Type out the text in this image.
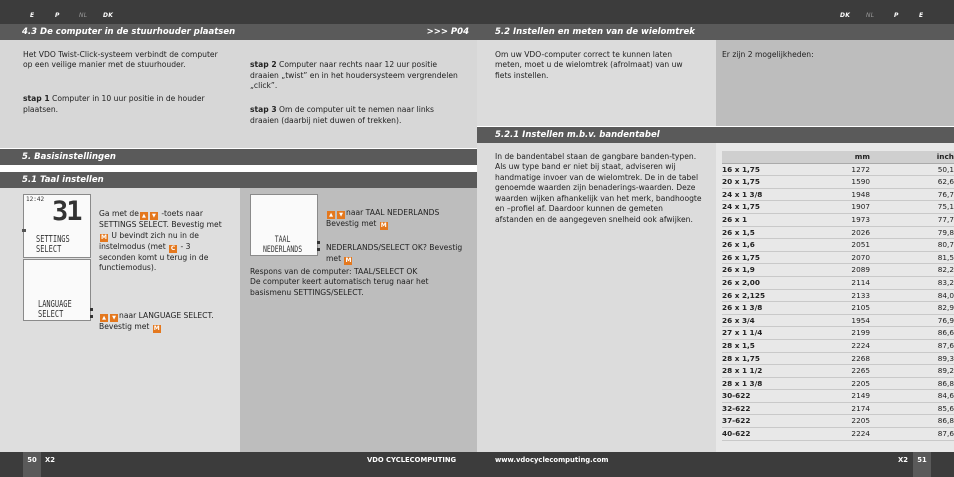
E	P	NL	DK	DK	NL	P	E
4.3 De computer in de stuurhouder plaatsen	>>> P04
Het VDO Twist-Click-systeem verbindt de computer op een veilige manier met de stuurhouder.

stap 1 Computer in 10 uur positie in de houder plaatsen.

stap 2 Computer naar rechts naar 12 uur positie draaien „twist” en in het houdersysteem vergrendelen „click”.

stap 3 Om de computer uit te nemen naar links draaien (daarbij niet duwen of trekken).

5. Basisinstellingen
5.1 Taal instellen
12:42 31
SETTINGS
SELECT
LANGUAGE
SELECT
TAAL
NEDERLANDS

Ga met de ▲ ▼ -toets naar SETTINGS SELECT. Bevestig met M U bevindt zich nu in de instelmodus (met C - 3 seconden komt u terug in de functiemodus).

▲ ▼ naar LANGUAGE SELECT. Bevestig met M

▲ ▼ naar TAAL NEDERLANDS Bevestig met M

NEDERLANDS/SELECT OK? Bevestig met M

Respons van de computer: TAAL/SELECT OK
De computer keert automatisch terug naar het basismenu SETTINGS/SELECT.
5.2 Instellen en meten van de wielomtrek
Om uw VDO-computer correct te kunnen laten meten, moet u de wielomtrek (afrolmaat) van uw fiets instellen.
Er zijn 2 mogelijkheden:
5.2.1 Instellen m.b.v. bandentabel
In de bandentabel staan de gangbare banden-typen. Als uw type band er niet bij staat, adviseren wij handmatige invoer van de wielomtrek. De in de tabel genoemde waarden zijn benaderings-waarden. Deze waarden wijken afhankelijk van het merk, bandhoogte en –profiel af. Daardoor kunnen de gemeten afstanden en de aangegeven snelheid ook afwijken.
	mm	inch
16 x 1,75	1272	50,1
20 x 1,75	1590	62,6
24 x 1 3/8	1948	76,7
24 x 1,75	1907	75,1
26 x 1	1973	77,7
26 x 1,5	2026	79,8
26 x 1,6	2051	80,7
26 x 1,75	2070	81,5
26 x 1,9	2089	82,2
26 x 2,00	2114	83,2
26 x 2,125	2133	84,0
26 x 1 3/8	2105	82,9
26 x 3/4	1954	76,9
27 x 1 1/4	2199	86,6
28 x 1,5	2224	87,6
28 x 1,75	2268	89,3
28 x 1 1/2	2265	89,2
28 x 1 3/8	2205	86,8
30-622	2149	84,6
32-622	2174	85,6
37-622	2205	86,8
40-622	2224	87,6
50	X2	VDO CYCLECOMPUTING	www.vdocyclecomputing.com	X2	51
